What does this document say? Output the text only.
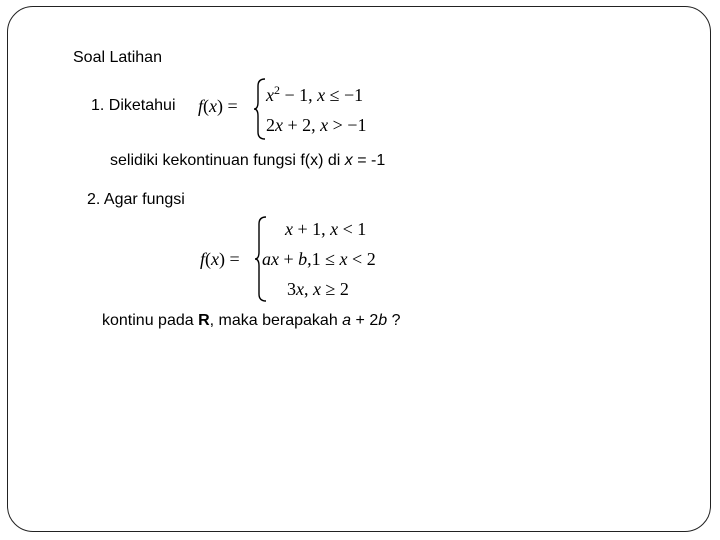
Soal Latihan
1. Diketahui f(x) =
$x^2 - 1$, x ≤ −1
2x + 2, x > −1
selidiki kekontinuan fungsi f(x) di x = -1
2. Agar fungsi
f(x) =
x + 1, x < 1
ax + b,1 ≤ x < 2
3x, x ≥ 2
kontinu pada R, maka berapakah a + 2b ?
